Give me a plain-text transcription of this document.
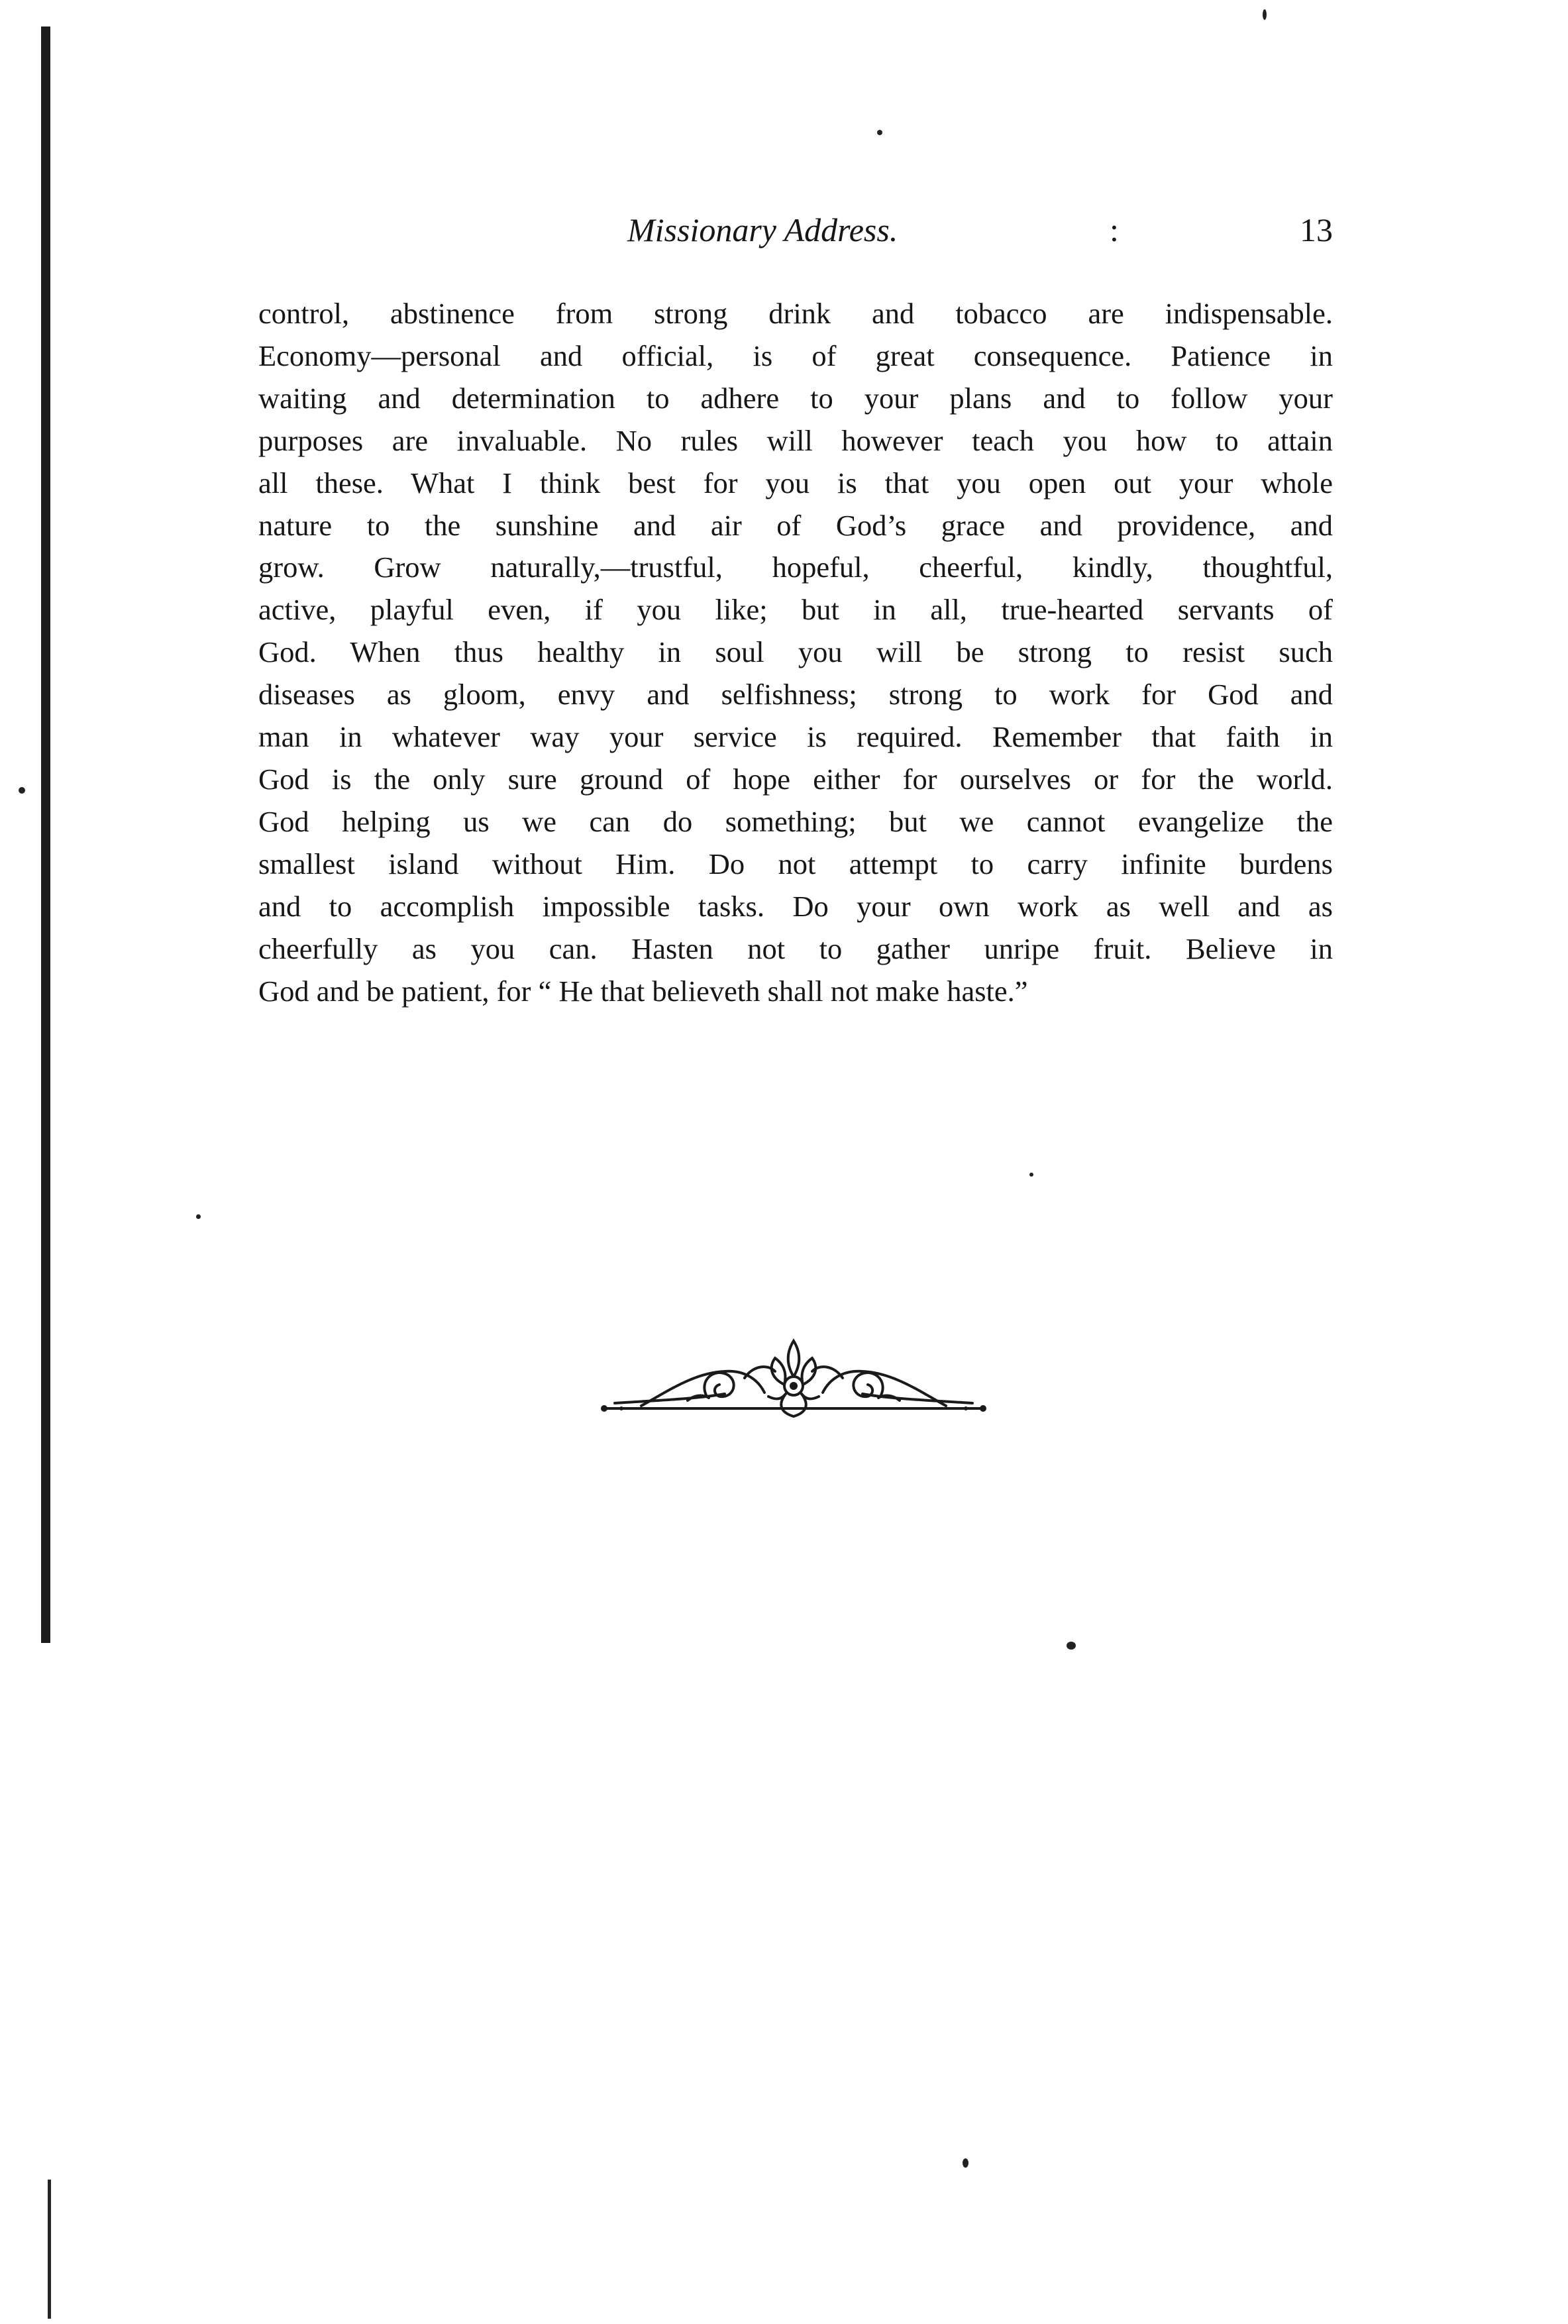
Missionary Address.	:	13
control, abstinence from strong drink and tobacco are indispensable.
Economy—personal and official, is of great consequence. Patience in
waiting and determination to adhere to your plans and to follow your
purposes are invaluable. No rules will however teach you how to attain
all these. What I think best for you is that you open out your whole
nature to the sunshine and air of God’s grace and providence, and
grow. Grow naturally,—trustful, hopeful, cheerful, kindly, thoughtful,
active, playful even, if you like; but in all, true-hearted servants of
God. When thus healthy in soul you will be strong to resist such
diseases as gloom, envy and selfishness; strong to work for God and
man in whatever way your service is required. Remember that faith in
God is the only sure ground of hope either for ourselves or for the world.
God helping us we can do something; but we cannot evangelize the
smallest island without Him. Do not attempt to carry infinite burdens
and to accomplish impossible tasks. Do your own work as well and as
cheerfully as you can. Hasten not to gather unripe fruit. Believe in
God and be patient, for “ He that believeth shall not make haste.”
